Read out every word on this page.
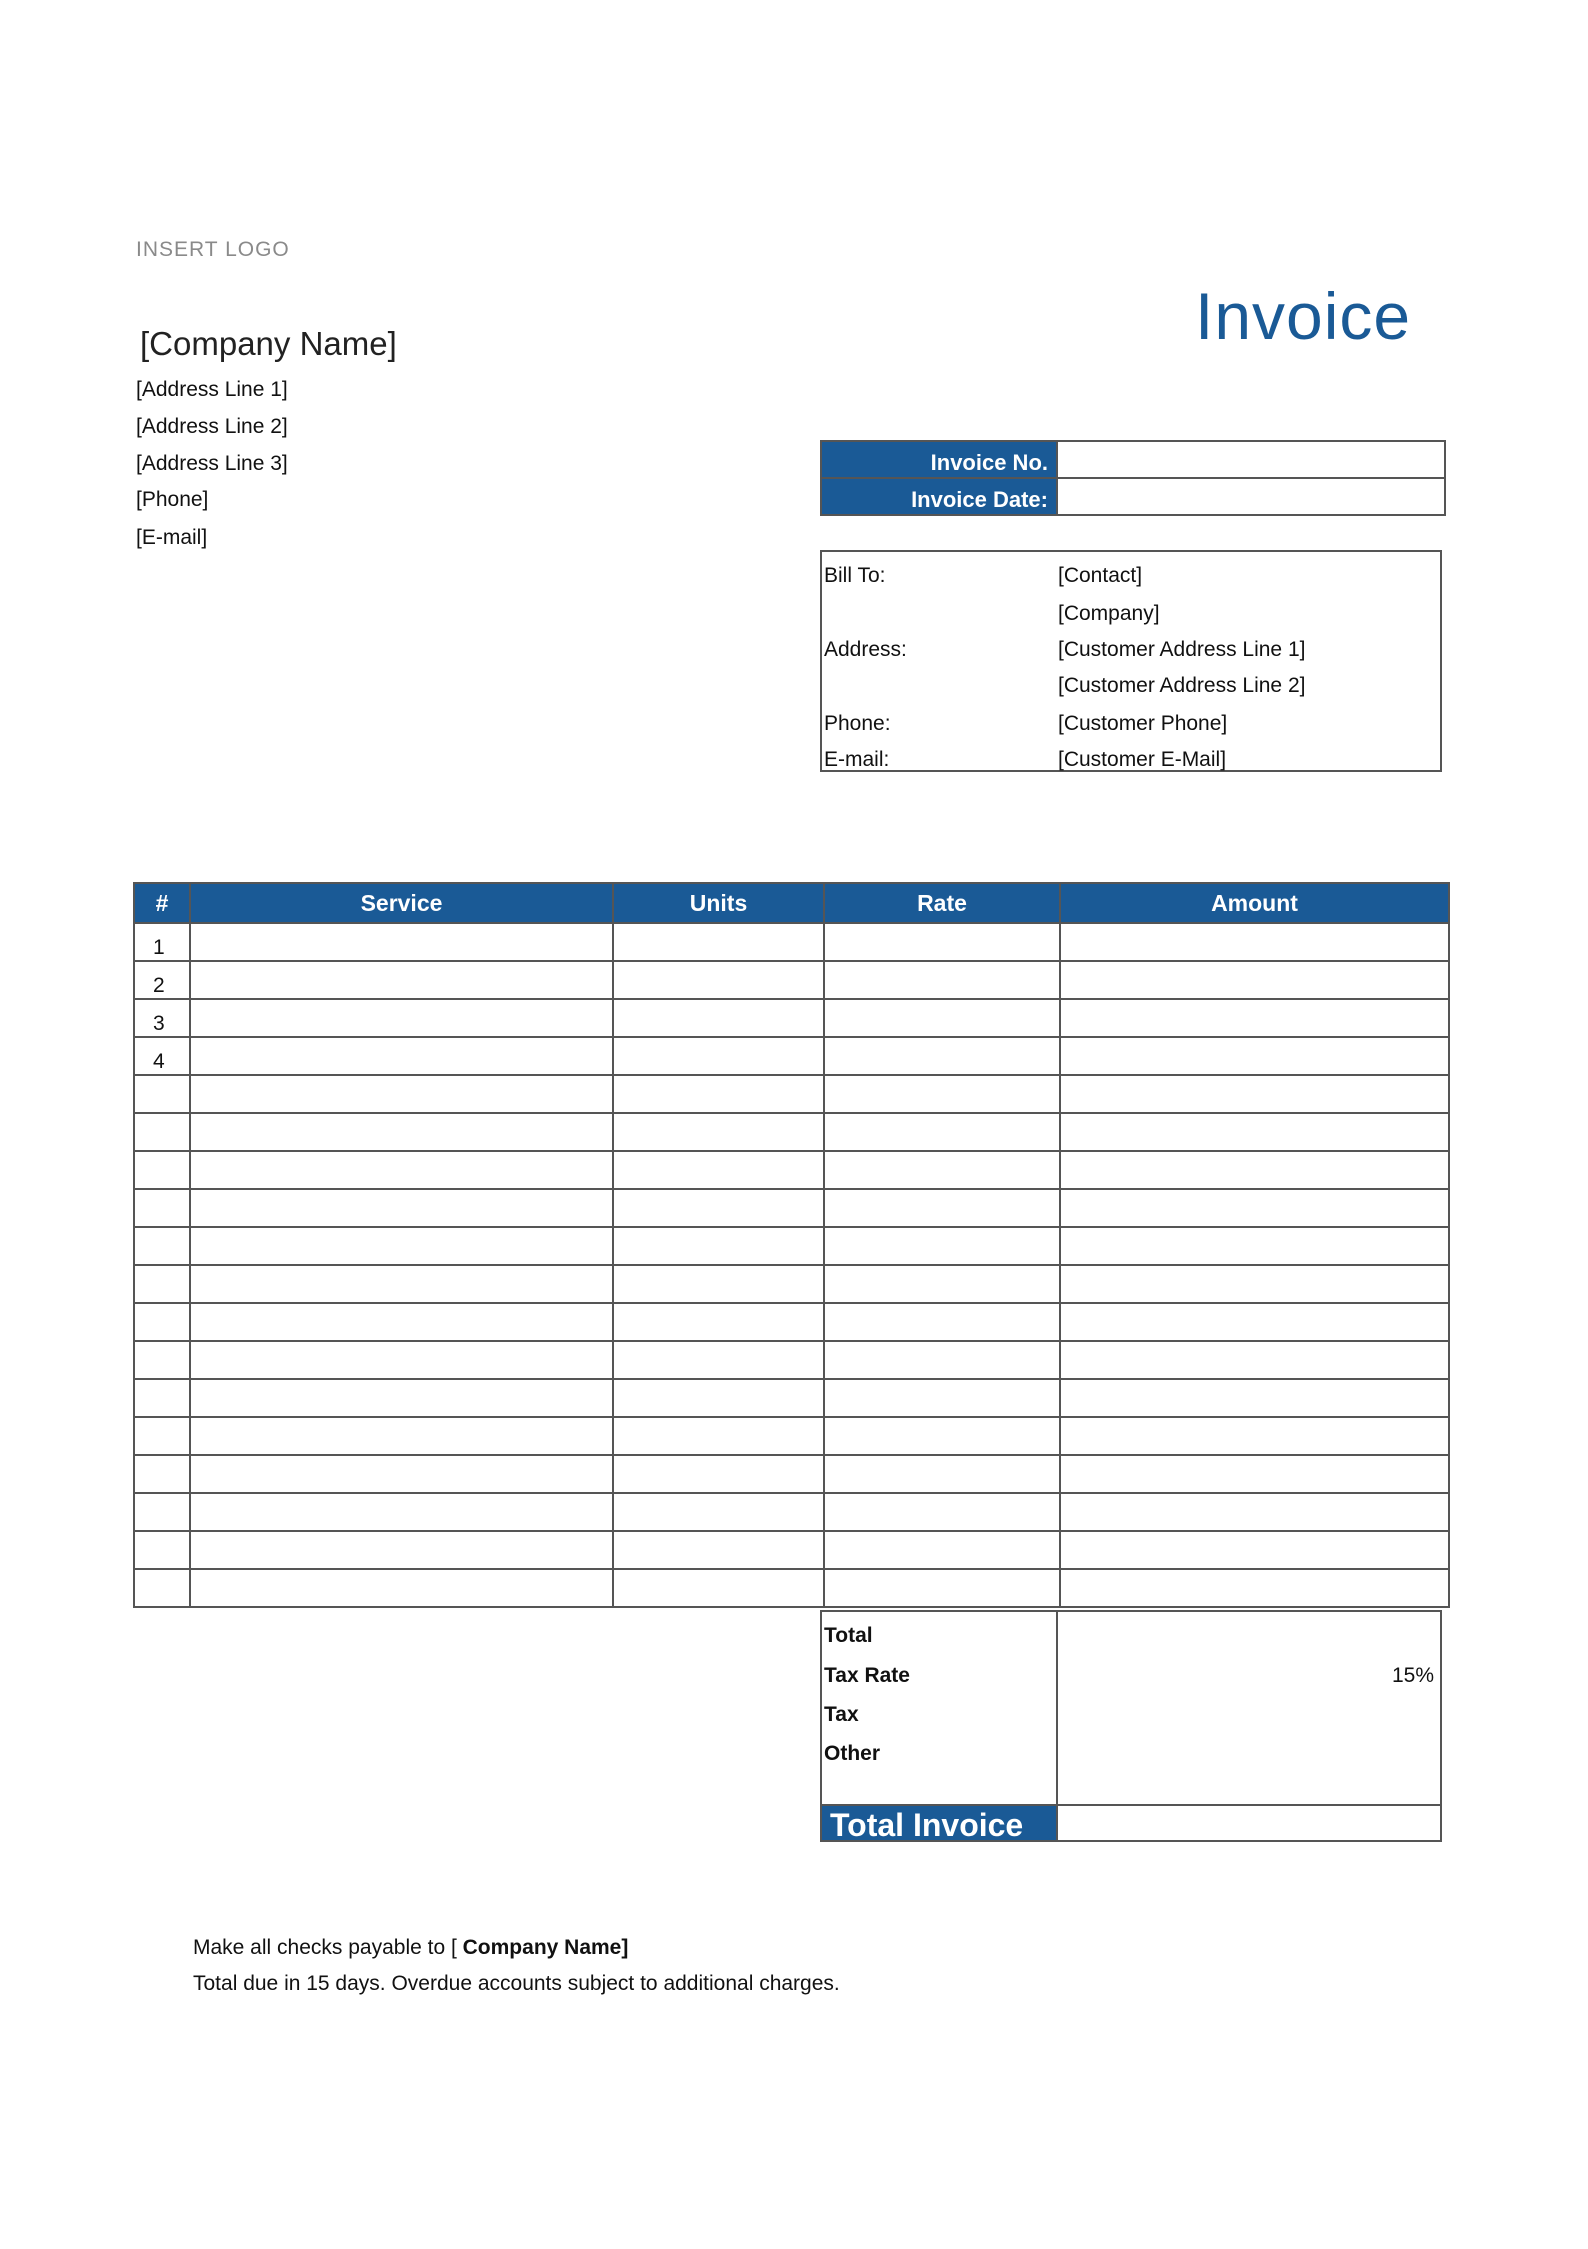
INSERT LOGO
[Company Name]
[Address Line 1]
[Address Line 2]
[Address Line 3]
[Phone]
[E-mail]
Invoice
Invoice No.
Invoice Date:
Bill To:	[Contact]
[Company]
Address:	[Customer Address Line 1]
[Customer Address Line 2]
Phone:	[Customer Phone]
E-mail:	[Customer E-Mail]
#	Service	Units	Rate	Amount
1				
2				
3				
4				

Total
Tax Rate	15%
Tax
Other
Total Invoice
Make all checks payable to [ Company Name]
Total due in 15 days. Overdue accounts subject to additional charges.
